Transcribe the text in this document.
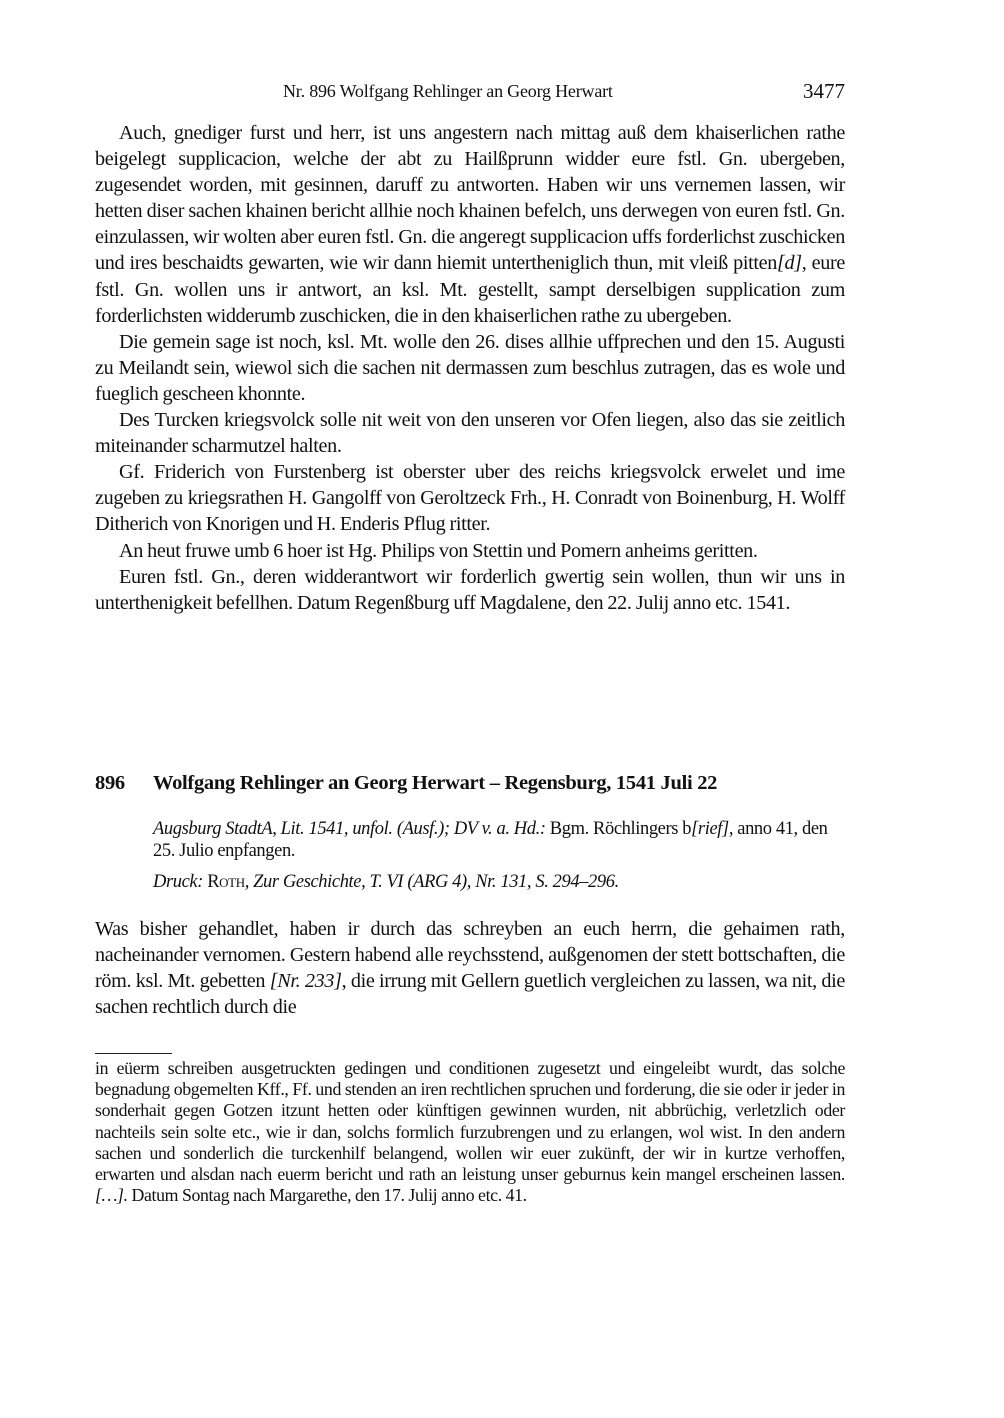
Nr. 896 Wolfgang Rehlinger an Georg Herwart	3477

Auch, gnediger furst und herr, ist uns angestern nach mittag auß dem khaiserlichen rathe beigelegt supplicacion, welche der abt zu Hailßprunn widder eure fstl. Gn. ubergeben, zugesendet worden, mit gesinnen, daruff zu antworten. Haben wir uns vernemen lassen, wir hetten diser sachen khainen bericht allhie noch khainen befelch, uns derwegen von euren fstl. Gn. einzulassen, wir wolten aber euren fstl. Gn. die angeregt supplicacion uffs forderlichst zuschicken und ires beschaidts gewarten, wie wir dann hiemit untertheniglich thun, mit vleiß pitten[d], eure fstl. Gn. wollen uns ir antwort, an ksl. Mt. gestellt, sampt derselbigen supplication zum forderlichsten widderumb zuschicken, die in den khaiserlichen rathe zu ubergeben.

Die gemein sage ist noch, ksl. Mt. wolle den 26. dises allhie uffprechen und den 15. Augusti zu Meilandt sein, wiewol sich die sachen nit dermassen zum beschlus zutragen, das es wole und fueglich gescheen khonnte.

Des Turcken kriegsvolck solle nit weit von den unseren vor Ofen liegen, also das sie zeitlich miteinander scharmutzel halten.

Gf. Friderich von Furstenberg ist oberster uber des reichs kriegsvolck erwelet und ime zugeben zu kriegsrathen H. Gangolff von Geroltzeck Frh., H. Conradt von Boinenburg, H. Wolff Ditherich von Knorigen und H. Enderis Pflug ritter.

An heut fruwe umb 6 hoer ist Hg. Philips von Stettin und Pomern anheims geritten.

Euren fstl. Gn., deren widderantwort wir forderlich gwertig sein wollen, thun wir uns in unterthenigkeit befellhen. Datum Regenßburg uff Magdalene, den 22. Julij anno etc. 1541.

896 Wolfgang Rehlinger an Georg Herwart – Regensburg, 1541 Juli 22

Augsburg StadtA, Lit. 1541, unfol. (Ausf.); DV v. a. Hd.: Bgm. Röchlingers b[rief], anno 41, den 25. Julio enpfangen.

Druck: Roth, Zur Geschichte, T. VI (ARG 4), Nr. 131, S. 294–296.

Was bisher gehandlet, haben ir durch das schreyben an euch herrn, die gehaimen rath, nacheinander vernomen. Gestern habend alle reychsstend, außgenomen der stett bottschaften, die röm. ksl. Mt. gebetten [Nr. 233], die irrung mit Gellern guetlich vergleichen zu lassen, wa nit, die sachen rechtlich durch die

in eüerm schreiben ausgetruckten gedingen und conditionen zugesetzt und eingeleibt wurdt, das solche begnadung obgemelten Kff., Ff. und stenden an iren rechtlichen spruchen und forderung, die sie oder ir jeder in sonderhait gegen Gotzen itzunt hetten oder künftigen gewinnen wurden, nit abbrüchig, verletzlich oder nachteils sein solte etc., wie ir dan, solchs formlich furzubrengen und zu erlangen, wol wist. In den andern sachen und sonderlich die turckenhilf belangend, wollen wir euer zukünft, der wir in kurtze verhoffen, erwarten und alsdan nach euerm bericht und rath an leistung unser geburnus kein mangel erscheinen lassen. […]. Datum Sontag nach Margarethe, den 17. Julij anno etc. 41.
